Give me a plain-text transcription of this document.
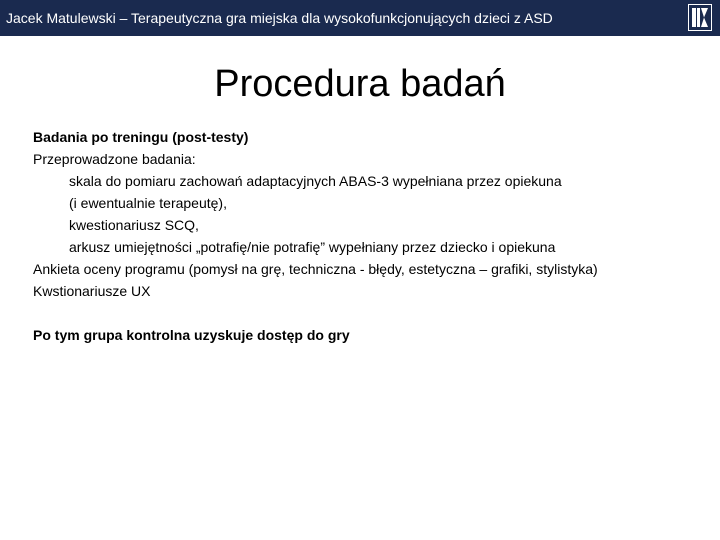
Jacek Matulewski – Terapeutyczna gra miejska dla wysokofunkcjonujących dzieci z ASD
Procedura badań
Badania po treningu (post-testy)
Przeprowadzone badania:
skala do pomiaru zachowań adaptacyjnych ABAS-3 wypełniana przez opiekuna
(i ewentualnie terapeutę),
kwestionariusz SCQ,
arkusz umiejętności „potrafię/nie potrafię” wypełniany przez dziecko i opiekuna
Ankieta oceny programu (pomysł na grę, techniczna - błędy, estetyczna – grafiki, stylistyka)
Kwstionariusze UX
Po tym grupa kontrolna uzyskuje dostęp do gry
